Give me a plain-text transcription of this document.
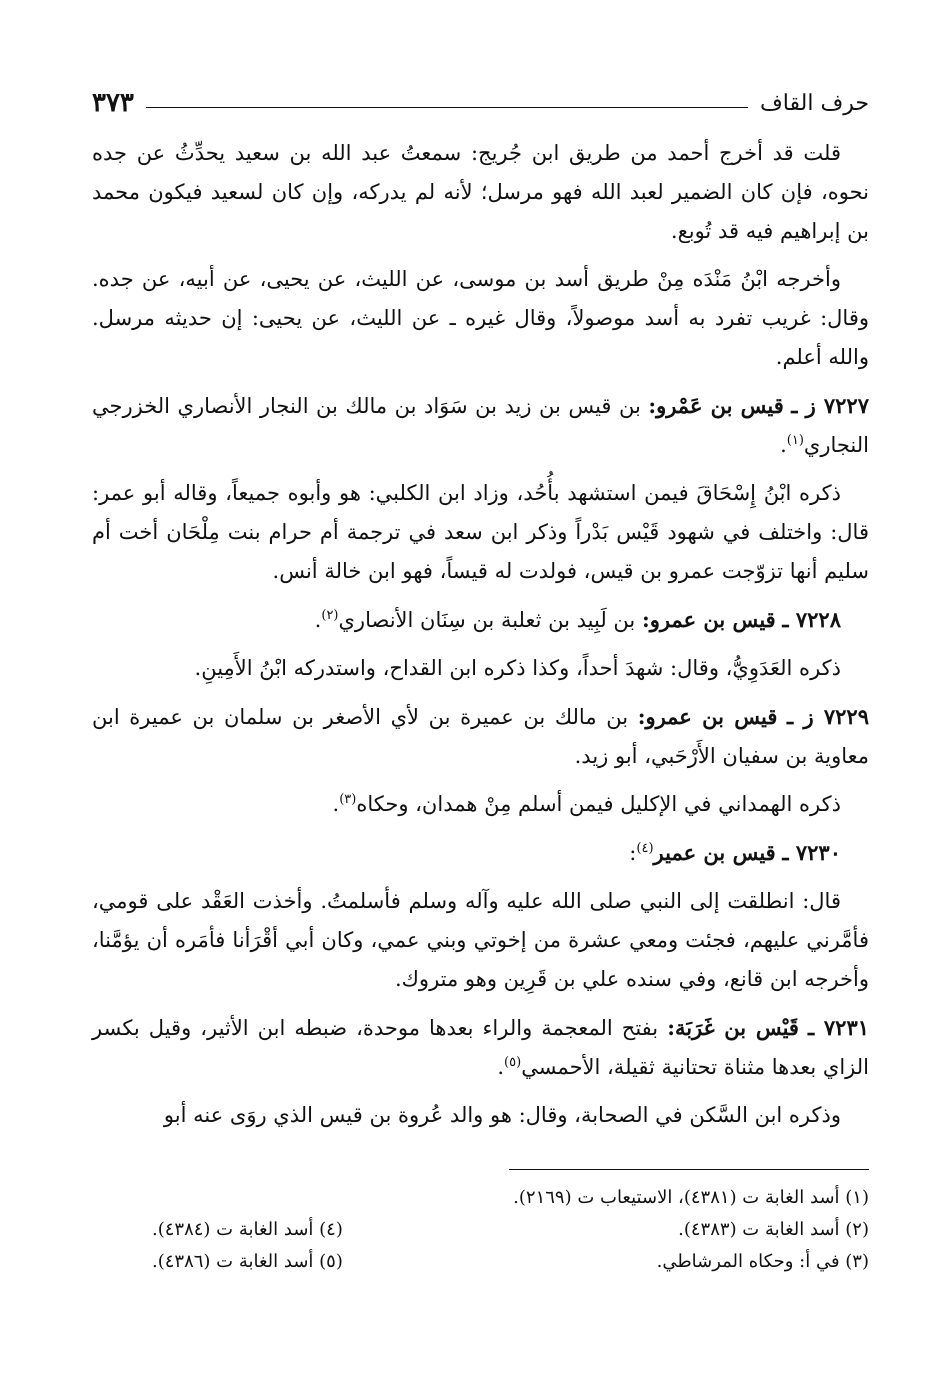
حرف القاف
٣٧٣

قلت قد أخرج أحمد من طريق ابن جُريج: سمعتُ عبد الله بن سعيد يحدِّثُ عن جده نحوه، فإن كان الضمير لعبد الله فهو مرسل؛ لأنه لم يدركه، وإن كان لسعيد فيكون محمد بن إبراهيم فيه قد تُوبع.

وأخرجه ابْنُ مَنْدَه مِنْ طريق أسد بن موسى، عن الليث، عن يحيى، عن أبيه، عن جده. وقال: غريب تفرد به أسد موصولاً، وقال غيره ـ عن الليث، عن يحيى: إن حديثه مرسل. والله أعلم.

٧٢٢٧ ز ـ قيس بن عَمْرو: بن قيس بن زيد بن سَوَاد بن مالك بن النجار الأنصاري الخزرجي النجاري$^{(١)}$.

ذكره ابْنُ إِسْحَاقَ فيمن استشهد بأُحُد، وزاد ابن الكلبي: هو وأبوه جميعاً، وقاله أبو عمر: قال: واختلف في شهود قَيْس بَدْراً وذكر ابن سعد في ترجمة أم حرام بنت مِلْحَان أخت أم سليم أنها تزوّجت عمرو بن قيس، فولدت له قيساً، فهو ابن خالة أنس.

٧٢٢٨ ـ قيس بن عمرو: بن لَبِيد بن ثعلبة بن سِنَان الأنصاري$^{(٢)}$.

ذكره العَدَوِيُّ، وقال: شهدَ أحداً، وكذا ذكره ابن القداح، واستدركه ابْنُ الأَمِينِ.

٧٢٢٩ ز ـ قيس بن عمرو: بن مالك بن عميرة بن لأي الأصغر بن سلمان بن عميرة ابن معاوية بن سفيان الأَرْحَبي، أبو زيد.

ذكره الهمداني في الإكليل فيمن أسلم مِنْ همدان، وحكاه$^{(٣)}$.

٧٢٣٠ ـ قيس بن عمير$^{(٤)}$:

قال: انطلقت إلى النبي صلى الله عليه وآله وسلم فأسلمتُ. وأخذت العَقْد على قومي، فأمَّرني عليهم، فجئت ومعي عشرة من إخوتي وبني عمي، وكان أبي أقْرَأنا فأمَره أن يؤمَّنا، وأخرجه ابن قانع، وفي سنده علي بن قَرِين وهو متروك.

٧٢٣١ ـ قَيْس بن غَرَبَة: بفتح المعجمة والراء بعدها موحدة، ضبطه ابن الأثير، وقيل بكسر الزاي بعدها مثناة تحتانية ثقيلة، الأحمسي$^{(٥)}$.

وذكره ابن السَّكن في الصحابة، وقال: هو والد عُروة بن قيس الذي روَى عنه أبو

(١) أسد الغابة ت (٤٣٨١)، الاستيعاب ت (٢١٦٩).
(٢) أسد الغابة ت (٤٣٨٣).
(٤) أسد الغابة ت (٤٣٨٤).
(٣) في أ: وحكاه المرشاطي.
(٥) أسد الغابة ت (٤٣٨٦).
